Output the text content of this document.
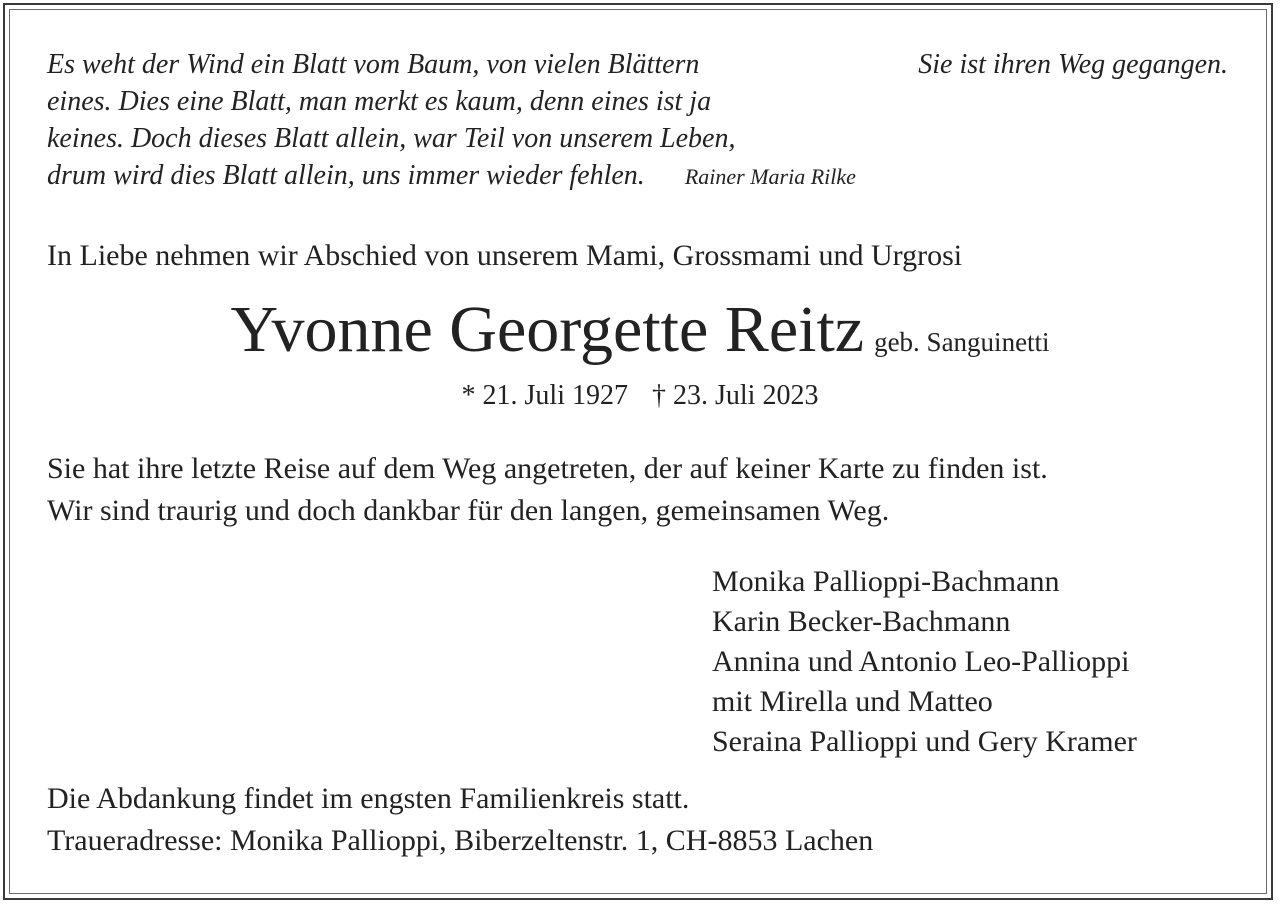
Es weht der Wind ein Blatt vom Baum, von vielen Blättern
eines. Dies eine Blatt, man merkt es kaum, denn eines ist ja
keines. Doch dieses Blatt allein, war Teil von unserem Leben,
drum wird dies Blatt allein, uns immer wieder fehlen. Rainer Maria Rilke
Sie ist ihren Weg gegangen.
In Liebe nehmen wir Abschied von unserem Mami, Grossmami und Urgrosi
Yvonne Georgette Reitz geb. Sanguinetti
* 21. Juli 1927 † 23. Juli 2023
Sie hat ihre letzte Reise auf dem Weg angetreten, der auf keiner Karte zu finden ist.
Wir sind traurig und doch dankbar für den langen, gemeinsamen Weg.
Monika Pallioppi-Bachmann
Karin Becker-Bachmann
Annina und Antonio Leo-Pallioppi
mit Mirella und Matteo
Seraina Pallioppi und Gery Kramer
Die Abdankung findet im engsten Familienkreis statt.
Traueradresse: Monika Pallioppi, Biberzeltenstr. 1, CH-8853 Lachen
